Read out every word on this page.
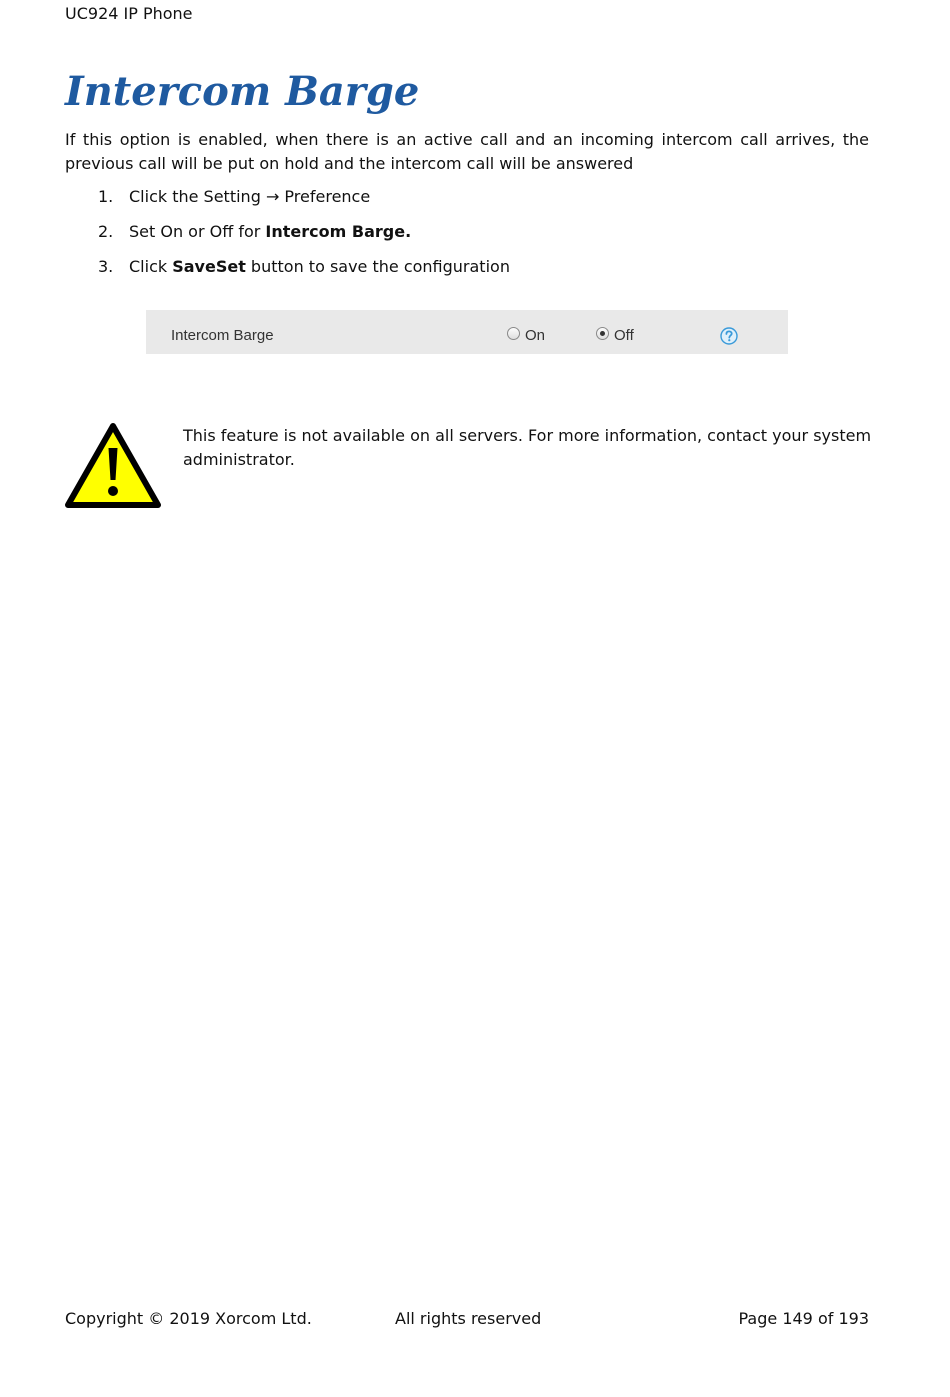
UC924 IP Phone
Intercom Barge

If this option is enabled, when there is an active call and an incoming intercom call arrives, the previous call will be put on hold and the intercom call will be answered

1. Click the Setting → Preference
2. Set On or Off for Intercom Barge.
3. Click SaveSet button to save the configuration
Intercom Barge	On	Off

This feature is not available on all servers. For more information, contact your system administrator.

Copyright © 2019 Xorcom Ltd.	All rights reserved	Page 149 of 193
